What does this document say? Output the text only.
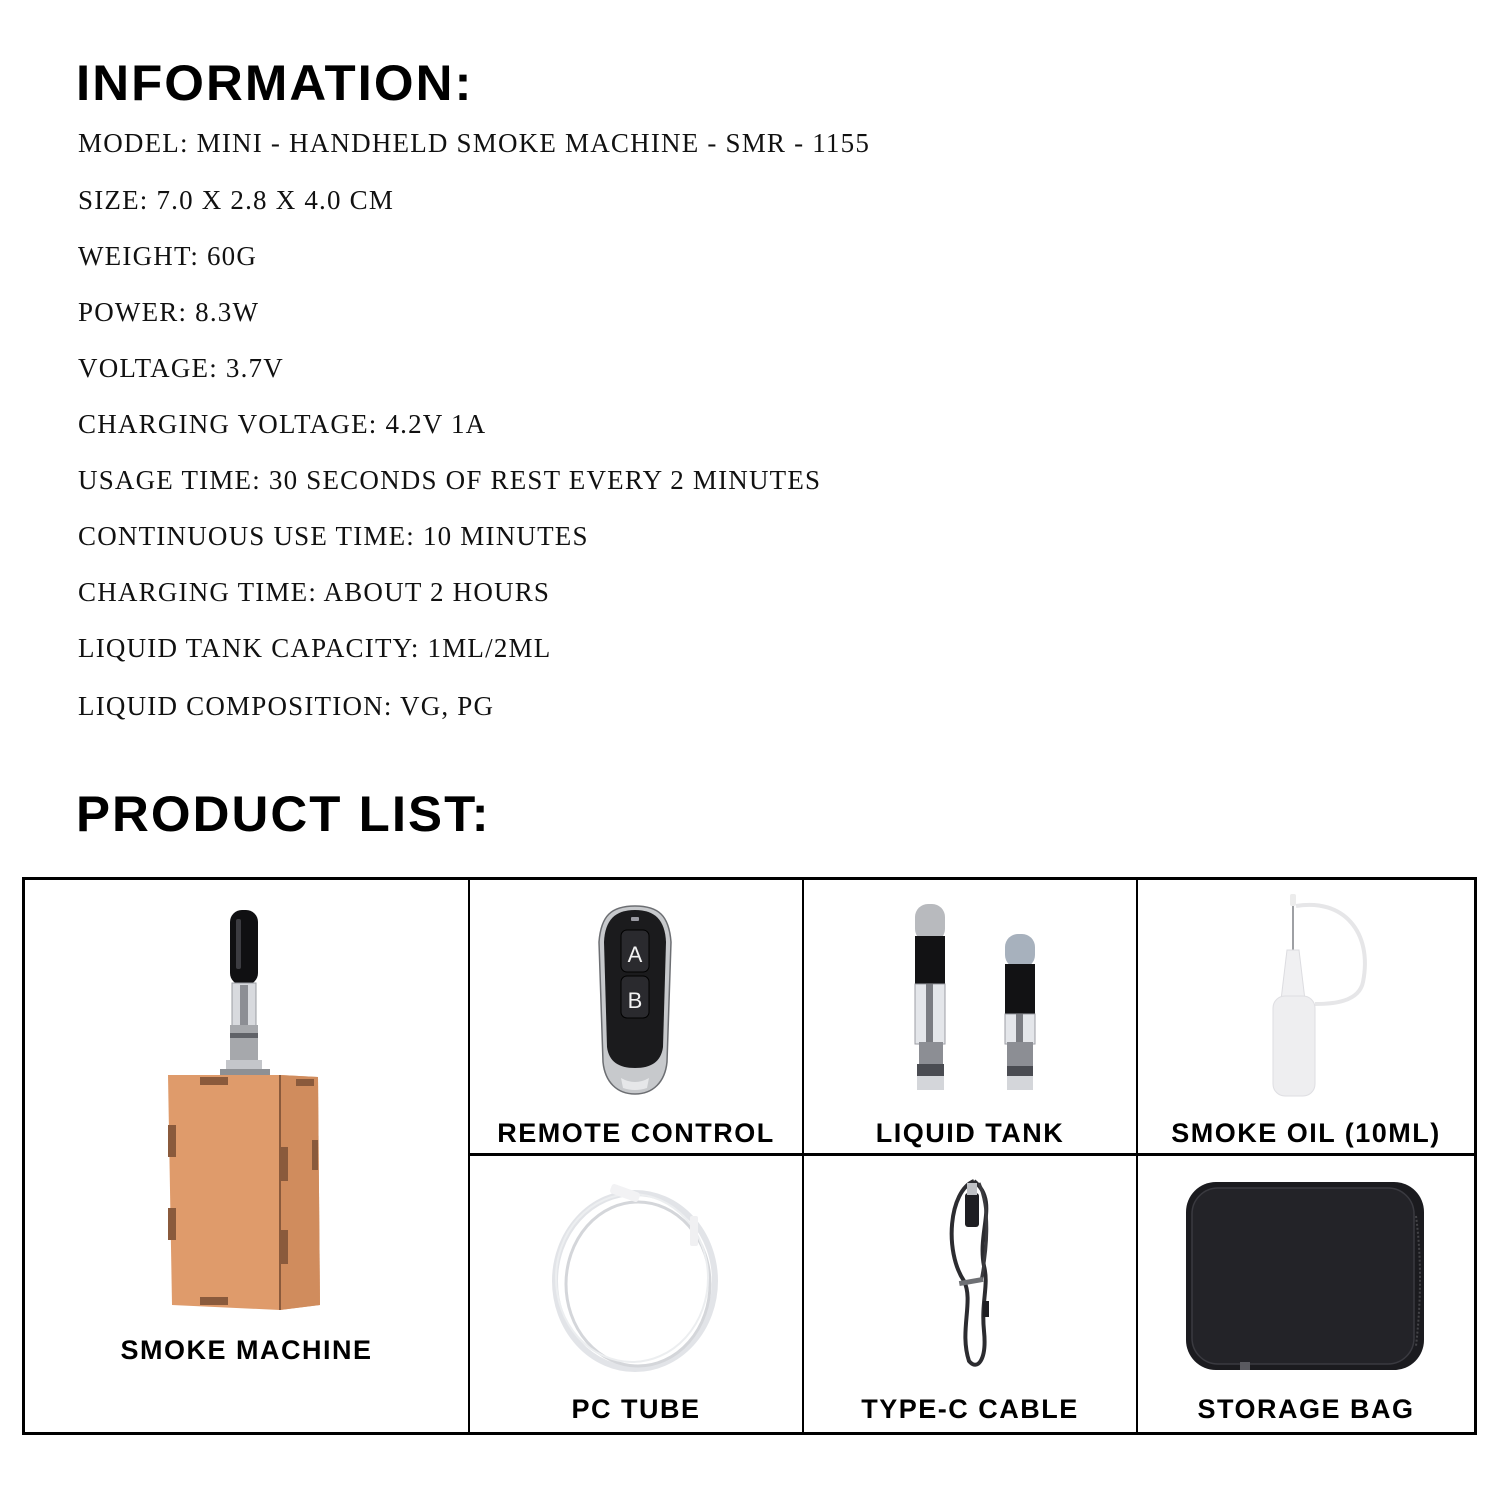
INFORMATION:
MODEL: MINI - HANDHELD SMOKE MACHINE - SMR - 1155
SIZE: 7.0 X 2.8 X 4.0 CM
WEIGHT: 60G
POWER: 8.3W
VOLTAGE: 3.7V
CHARGING VOLTAGE: 4.2V 1A
USAGE TIME: 30 SECONDS OF REST EVERY 2 MINUTES
CONTINUOUS USE TIME: 10 MINUTES
CHARGING TIME: ABOUT 2 HOURS
LIQUID TANK CAPACITY: 1ML/2ML
LIQUID COMPOSITION: VG, PG
PRODUCT LIST:
SMOKE MACHINE
A
B
REMOTE CONTROL	LIQUID TANK	SMOKE OIL (10ML)
PC TUBE	TYPE-C CABLE	STORAGE BAG
